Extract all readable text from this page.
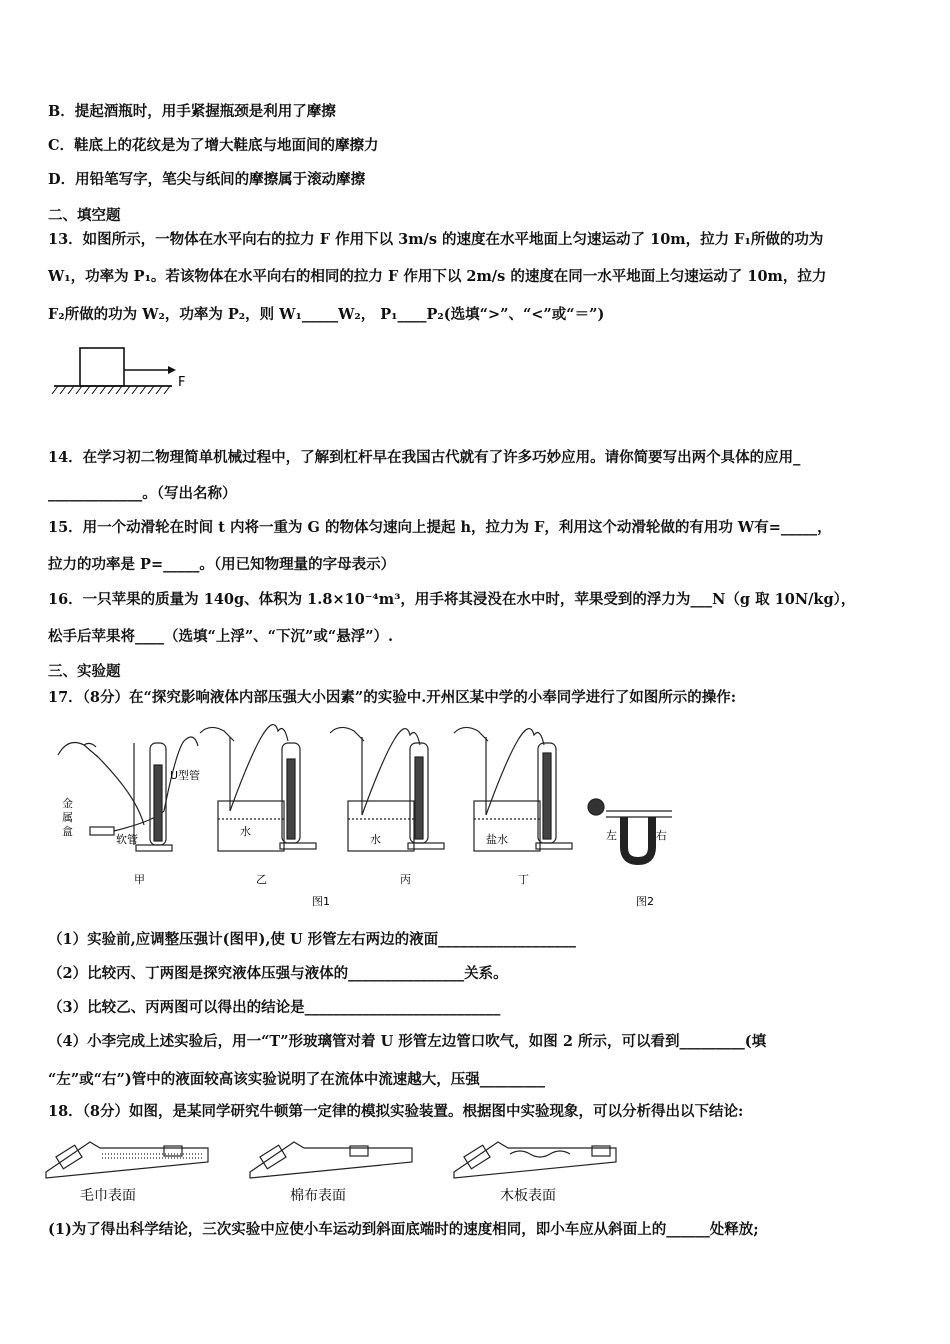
B．提起酒瓶时，用手紧握瓶颈是利用了摩擦
C．鞋底上的花纹是为了增大鞋底与地面间的摩擦力
D．用铅笔写字，笔尖与纸间的摩擦属于滚动摩擦
二、填空题
13．如图所示，一物体在水平向右的拉力 F 作用下以 3m/s 的速度在水平地面上匀速运动了 10m，拉力 F₁所做的功为
W₁，功率为 P₁。若该物体在水平向右的相同的拉力 F 作用下以 2m/s 的速度在同一水平地面上匀速运动了 10m，拉力
F₂所做的功为 W₂，功率为 P₂，则 W₁_____W₂， P₁____P₂(选填“>”、“<”或“＝”)
F
14．在学习初二物理简单机械过程中，了解到杠杆早在我国古代就有了许多巧妙应用。请你简要写出两个具体的应用_
_____________。（写出名称）
15．用一个动滑轮在时间 t 内将一重为 G 的物体匀速向上提起 h，拉力为 F，利用这个动滑轮做的有用功 W有=_____，
拉力的功率是 P=_____。（用已知物理量的字母表示）
16．一只苹果的质量为 140g、体积为 1.8×10⁻⁴m³，用手将其浸没在水中时，苹果受到的浮力为___N（g 取 10N/kg），
松手后苹果将____（选填“上浮”、“下沉”或“悬浮”）.
三、实验题
17．（8分）在“探究影响液体内部压强大小因素”的实验中.开州区某中学的小奉同学进行了如图所示的操作:
U型管
金
属
盒
软管
水
水	盐水	左	右
甲	乙	丙	丁
图1	图2
（1）实验前,应调整压强计(图甲),使 U 形管左右两边的液面___________________
（2）比较丙、丁两图是探究液体压强与液体的________________关系。
（3）比较乙、丙两图可以得出的结论是___________________________
（4）小李完成上述实验后，用一“T”形玻璃管对着 U 形管左边管口吹气，如图 2 所示，可以看到_________(填
“左”或“右”)管中的液面较高该实验说明了在流体中流速越大，压强_________
18．（8分）如图，是某同学研究牛顿第一定律的模拟实验装置。根据图中实验现象，可以分析得出以下结论:
毛巾表面	棉布表面	木板表面
(1)为了得出科学结论，三次实验中应使小车运动到斜面底端时的速度相同，即小车应从斜面上的______处释放;
